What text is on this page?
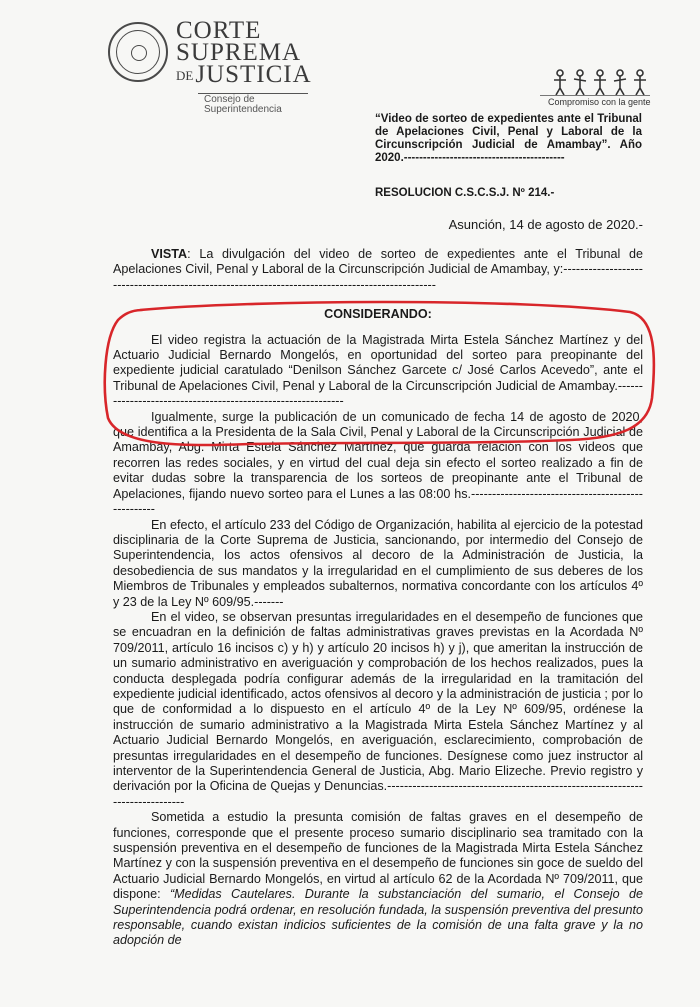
CORTE
SUPREMA
DEJUSTICIA
Consejo de
Superintendencia
Compromiso con la gente
“Video de sorteo de expedientes ante el Tribunal de Apelaciones Civil, Penal y Laboral de la Circunscripción Judicial de Amambay”. Año 2020.------------------------------------------
RESOLUCION C.S.C.S.J. Nº 214.-
Asunción, 14 de agosto de 2020.-

VISTA: La divulgación del video de sorteo de expedientes ante el Tribunal de Apelaciones Civil, Penal y Laboral de la Circunscripción Judicial de Amambay, y:------------------------------------------------------------------------------------------------

CONSIDERANDO:

El video registra la actuación de la Magistrada Mirta Estela Sánchez Martínez y del Actuario Judicial Bernardo Mongelós, en oportunidad del sorteo para preopinante del expediente judicial caratulado “Denilson Sánchez Garcete c/ José Carlos Acevedo”, ante el Tribunal de Apelaciones Civil, Penal y Laboral de la Circunscripción Judicial de Amambay.-------------------------------------------------------------

Igualmente, surge la publicación de un comunicado de fecha 14 de agosto de 2020, que identifica a la Presidenta de la Sala Civil, Penal y Laboral de la Circunscripción Judicial de Amambay, Abg. Mirta Estela Sánchez Martínez, que guarda relación con los videos que recorren las redes sociales, y en virtud del cual deja sin efecto el sorteo realizado a fin de evitar dudas sobre la transparencia de los sorteos de preopinante ante el Tribunal de Apelaciones, fijando nuevo sorteo para el Lunes a las 08:00 hs.---------------------------------------------------

En efecto, el artículo 233 del Código de Organización, habilita al ejercicio de la potestad disciplinaria de la Corte Suprema de Justicia, sancionando, por intermedio del Consejo de Superintendencia, los actos ofensivos al decoro de la Administración de Justicia, la desobediencia de sus mandatos y la irregularidad en el cumplimiento de sus deberes de los Miembros de Tribunales y empleados subalternos, normativa concordante con los artículos 4º y 23 de la Ley Nº 609/95.-------

En el video, se observan presuntas irregularidades en el desempeño de funciones que se encuadran en la definición de faltas administrativas graves previstas en la Acordada Nº 709/2011, artículo 16 incisos c) y h) y artículo 20 incisos h) y j), que ameritan la instrucción de un sumario administrativo en averiguación y comprobación de los hechos realizados, pues la conducta desplegada podría configurar además de la irregularidad en la tramitación del expediente judicial identificado, actos ofensivos al decoro y la administración de justicia ; por lo que de conformidad a lo dispuesto en el artículo 4º de la Ley Nº 609/95, ordénese la instrucción de sumario administrativo a la Magistrada Mirta Estela Sánchez Martínez y al Actuario Judicial Bernardo Mongelós, en averiguación, esclarecimiento, comprobación de presuntas irregularidades en el desempeño de funciones. Desígnese como juez instructor al interventor de la Superintendencia General de Justicia, Abg. Mario Elizeche. Previo registro y derivación por la Oficina de Quejas y Denuncias.------------------------------------------------------------------------------

Sometida a estudio la presunta comisión de faltas graves en el desempeño de funciones, corresponde que el presente proceso sumario disciplinario sea tramitado con la suspensión preventiva en el desempeño de funciones de la Magistrada Mirta Estela Sánchez Martínez y con la suspensión preventiva en el desempeño de funciones sin goce de sueldo del Actuario Judicial Bernardo Mongelós, en virtud al artículo 62 de la Acordada Nº 709/2011, que dispone: “Medidas Cautelares. Durante la substanciación del sumario, el Consejo de Superintendencia podrá ordenar, en resolución fundada, la suspensión preventiva del presunto responsable, cuando existan indicios suficientes de la comisión de una falta grave y la no adopción de
